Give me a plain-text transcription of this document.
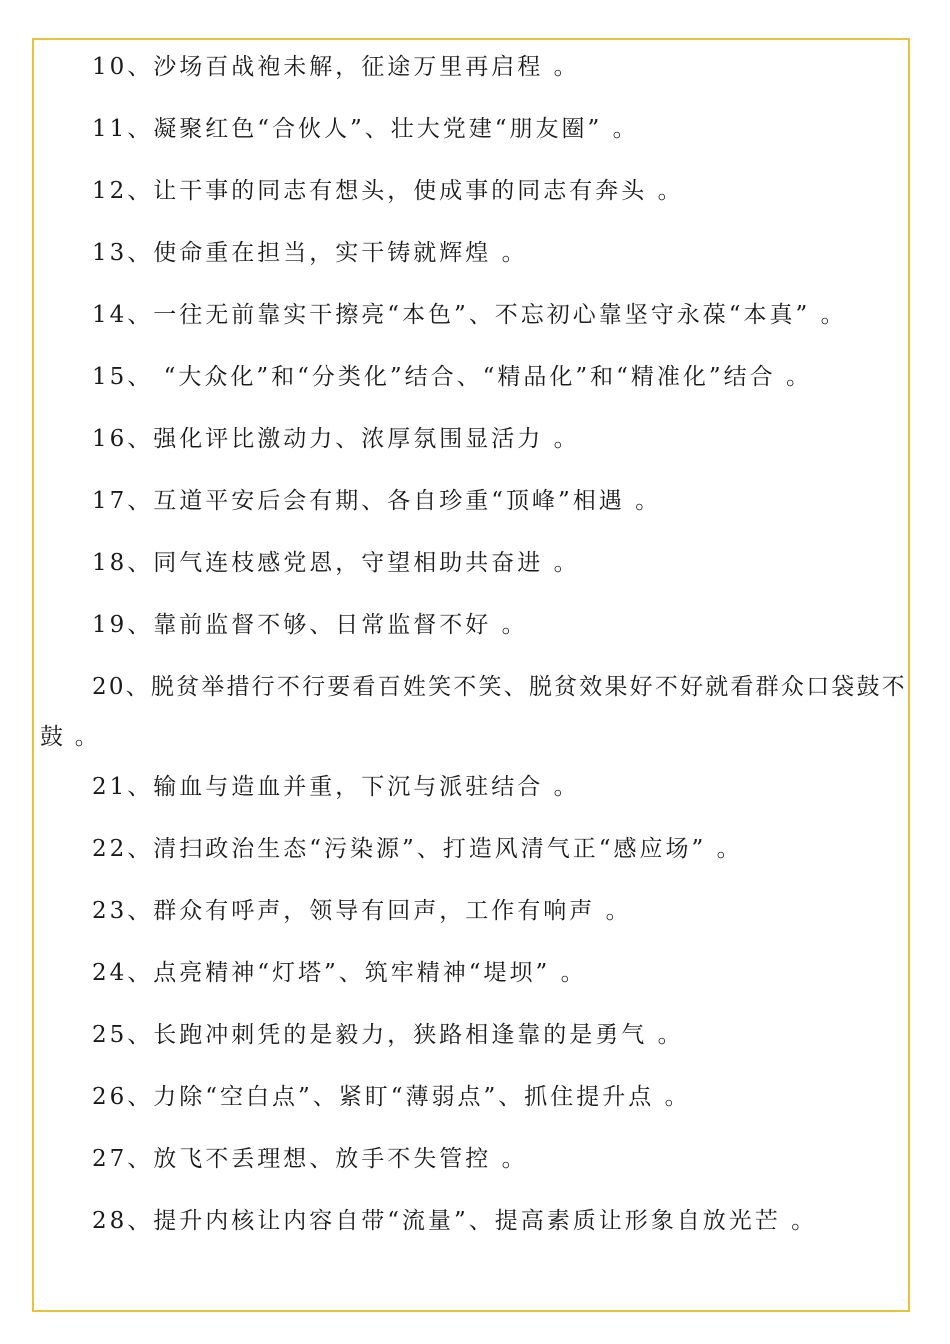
10、沙场百战袍未解，征途万里再启程 。

11、凝聚红色“合伙人”、壮大党建“朋友圈” 。

12、让干事的同志有想头，使成事的同志有奔头 。

13、使命重在担当，实干铸就辉煌 。

14、一往无前靠实干擦亮“本色”、不忘初心靠坚守永葆“本真” 。

15、 “大众化”和“分类化”结合、“精品化”和“精准化”结合 。

16、强化评比激动力、浓厚氛围显活力 。

17、互道平安后会有期、各自珍重“顶峰”相遇 。

18、同气连枝感党恩，守望相助共奋进 。

19、靠前监督不够、日常监督不好 。

20、脱贫举措行不行要看百姓笑不笑、脱贫效果好不好就看群众口袋鼓不鼓 。

21、输血与造血并重，下沉与派驻结合 。

22、清扫政治生态“污染源”、打造风清气正“感应场” 。

23、群众有呼声，领导有回声，工作有响声 。

24、点亮精神“灯塔”、筑牢精神“堤坝” 。

25、长跑冲刺凭的是毅力，狭路相逢靠的是勇气 。

26、力除“空白点”、紧盯“薄弱点”、抓住提升点 。

27、放飞不丢理想、放手不失管控 。

28、提升内核让内容自带“流量”、提高素质让形象自放光芒 。
